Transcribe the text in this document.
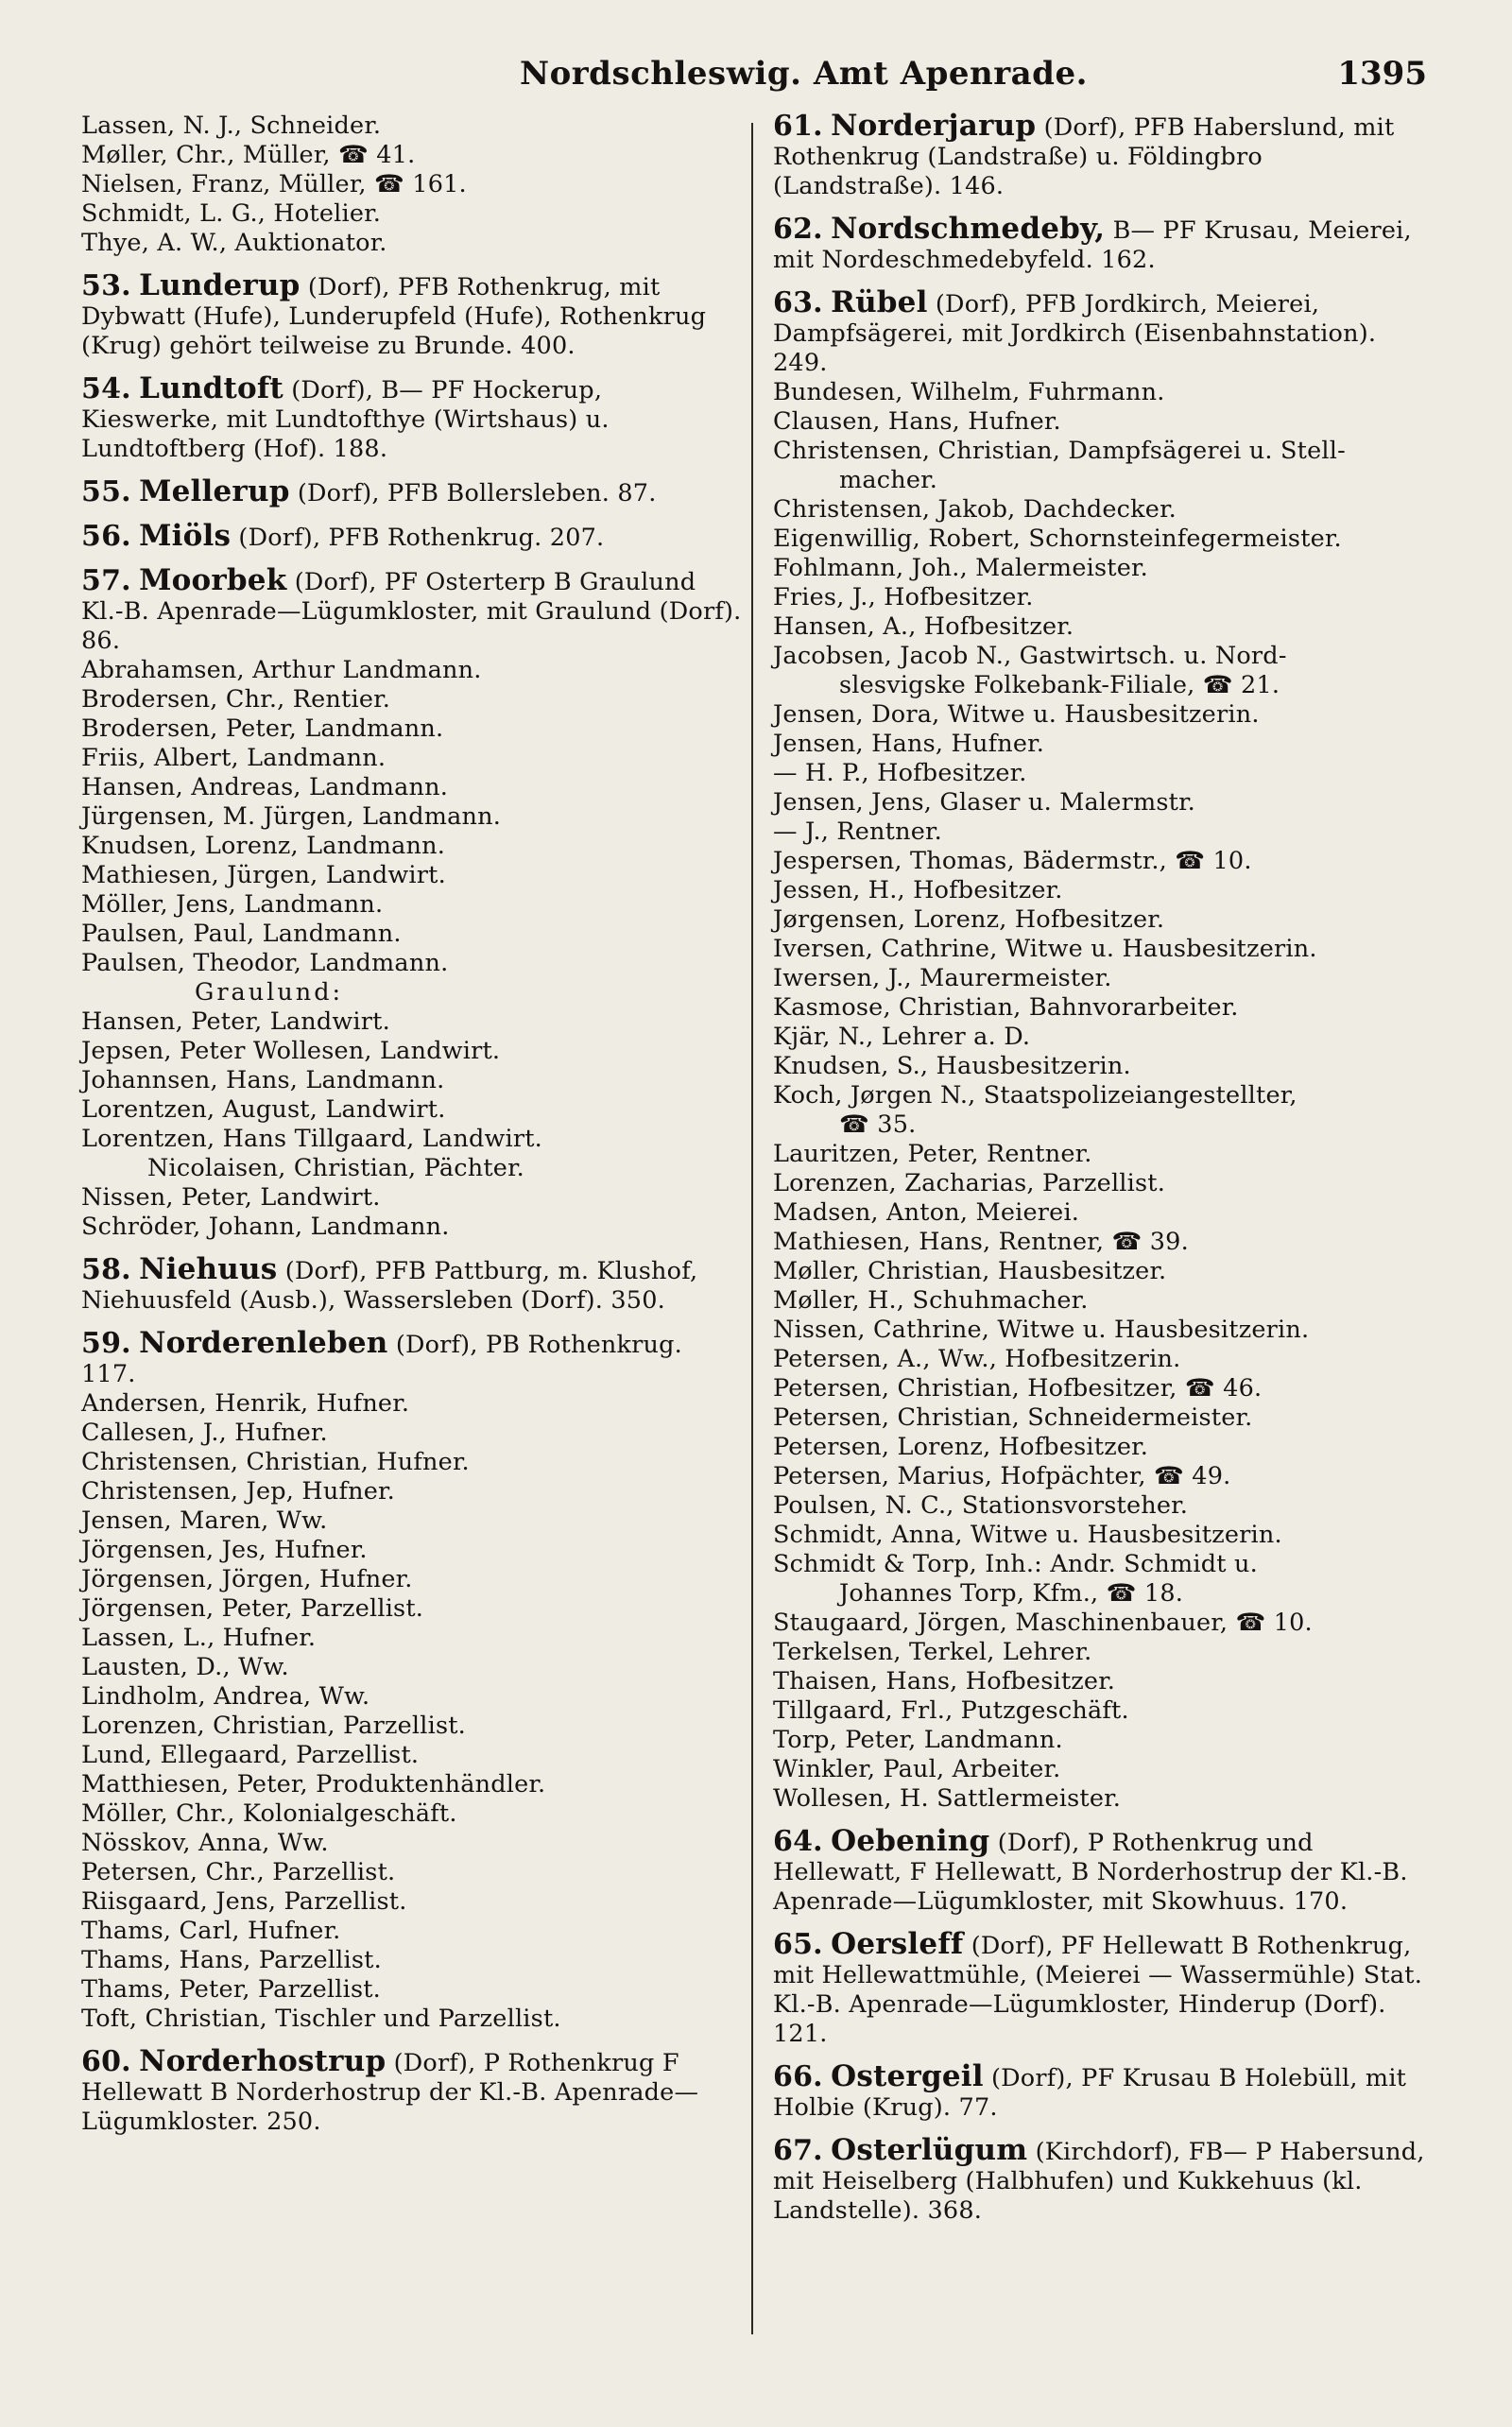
Nordschleswig. Amt Apenrade.	1395
Lassen, N. J., Schneider.
Møller, Chr., Müller, ☎ 41.
Nielsen, Franz, Müller, ☎ 161.
Schmidt, L. G., Hotelier.
Thye, A. W., Auktionator.
53. Lunderup (Dorf), PFB Rothenkrug, mit Dybwatt (Hufe), Lunderupfeld (Hufe), Rothenkrug (Krug) gehört teilweise zu Brunde. 400.
54. Lundtoft (Dorf), B— PF Hockerup, Kieswerke, mit Lundtofthye (Wirtshaus) u. Lundtoftberg (Hof). 188.
55. Mellerup (Dorf), PFB Bollersleben. 87.
56. Miöls (Dorf), PFB Rothenkrug. 207.
57. Moorbek (Dorf), PF Osterterp B Graulund Kl.-B. Apenrade—Lügumkloster, mit Graulund (Dorf). 86.
Abrahamsen, Arthur Landmann.
Brodersen, Chr., Rentier.
Brodersen, Peter, Landmann.
Friis, Albert, Landmann.
Hansen, Andreas, Landmann.
Jürgensen, M. Jürgen, Landmann.
Knudsen, Lorenz, Landmann.
Mathiesen, Jürgen, Landwirt.
Möller, Jens, Landmann.
Paulsen, Paul, Landmann.
Paulsen, Theodor, Landmann.
Graulund:
Hansen, Peter, Landwirt.
Jepsen, Peter Wollesen, Landwirt.
Johannsen, Hans, Landmann.
Lorentzen, August, Landwirt.
Lorentzen, Hans Tillgaard, Landwirt.
Nicolaisen, Christian, Pächter.
Nissen, Peter, Landwirt.
Schröder, Johann, Landmann.
58. Niehuus (Dorf), PFB Pattburg, m. Klushof, Niehuusfeld (Ausb.), Wassersleben (Dorf). 350.
59. Norderenleben (Dorf), PB Rothenkrug. 117.
Andersen, Henrik, Hufner.
Callesen, J., Hufner.
Christensen, Christian, Hufner.
Christensen, Jep, Hufner.
Jensen, Maren, Ww.
Jörgensen, Jes, Hufner.
Jörgensen, Jörgen, Hufner.
Jörgensen, Peter, Parzellist.
Lassen, L., Hufner.
Lausten, D., Ww.
Lindholm, Andrea, Ww.
Lorenzen, Christian, Parzellist.
Lund, Ellegaard, Parzellist.
Matthiesen, Peter, Produktenhändler.
Möller, Chr., Kolonialgeschäft.
Nösskov, Anna, Ww.
Petersen, Chr., Parzellist.
Riisgaard, Jens, Parzellist.
Thams, Carl, Hufner.
Thams, Hans, Parzellist.
Thams, Peter, Parzellist.
Toft, Christian, Tischler und Parzellist.
60. Norderhostrup (Dorf), P Rothenkrug F Hellewatt B Norderhostrup der Kl.-B. Apenrade—Lügumkloster. 250.
61. Norderjarup (Dorf), PFB Haberslund, mit Rothenkrug (Landstraße) u. Földingbro (Landstraße). 146.
62. Nordschmedeby, B— PF Krusau, Meierei, mit Nordeschmedebyfeld. 162.
63. Rübel (Dorf), PFB Jordkirch, Meierei, Dampfsägerei, mit Jordkirch (Eisenbahnstation). 249.
Bundesen, Wilhelm, Fuhrmann.
Clausen, Hans, Hufner.
Christensen, Christian, Dampfsägerei u. Stell-
macher.
Christensen, Jakob, Dachdecker.
Eigenwillig, Robert, Schornsteinfegermeister.
Fohlmann, Joh., Malermeister.
Fries, J., Hofbesitzer.
Hansen, A., Hofbesitzer.
Jacobsen, Jacob N., Gastwirtsch. u. Nord-
slesvigske Folkebank-Filiale, ☎ 21.
Jensen, Dora, Witwe u. Hausbesitzerin.
Jensen, Hans, Hufner.
— H. P., Hofbesitzer.
Jensen, Jens, Glaser u. Malermstr.
— J., Rentner.
Jespersen, Thomas, Bädermstr., ☎ 10.
Jessen, H., Hofbesitzer.
Jørgensen, Lorenz, Hofbesitzer.
Iversen, Cathrine, Witwe u. Hausbesitzerin.
Iwersen, J., Maurermeister.
Kasmose, Christian, Bahnvorarbeiter.
Kjär, N., Lehrer a. D.
Knudsen, S., Hausbesitzerin.
Koch, Jørgen N., Staatspolizeiangestellter,
☎ 35.
Lauritzen, Peter, Rentner.
Lorenzen, Zacharias, Parzellist.
Madsen, Anton, Meierei.
Mathiesen, Hans, Rentner, ☎ 39.
Møller, Christian, Hausbesitzer.
Møller, H., Schuhmacher.
Nissen, Cathrine, Witwe u. Hausbesitzerin.
Petersen, A., Ww., Hofbesitzerin.
Petersen, Christian, Hofbesitzer, ☎ 46.
Petersen, Christian, Schneidermeister.
Petersen, Lorenz, Hofbesitzer.
Petersen, Marius, Hofpächter, ☎ 49.
Poulsen, N. C., Stationsvorsteher.
Schmidt, Anna, Witwe u. Hausbesitzerin.
Schmidt & Torp, Inh.: Andr. Schmidt u.
Johannes Torp, Kfm., ☎ 18.
Staugaard, Jörgen, Maschinenbauer, ☎ 10.
Terkelsen, Terkel, Lehrer.
Thaisen, Hans, Hofbesitzer.
Tillgaard, Frl., Putzgeschäft.
Torp, Peter, Landmann.
Winkler, Paul, Arbeiter.
Wollesen, H. Sattlermeister.
64. Oebening (Dorf), P Rothenkrug und Hellewatt, F Hellewatt, B Norderhostrup der Kl.-B. Apenrade—Lügumkloster, mit Skowhuus. 170.
65. Oersleff (Dorf), PF Hellewatt B Rothenkrug, mit Hellewattmühle, (Meierei — Wassermühle) Stat. Kl.-B. Apenrade—Lügumkloster, Hinderup (Dorf). 121.
66. Ostergeil (Dorf), PF Krusau B Holebüll, mit Holbie (Krug). 77.
67. Osterlügum (Kirchdorf), FB— P Habersund, mit Heiselberg (Halbhufen) und Kukkehuus (kl. Landstelle). 368.
